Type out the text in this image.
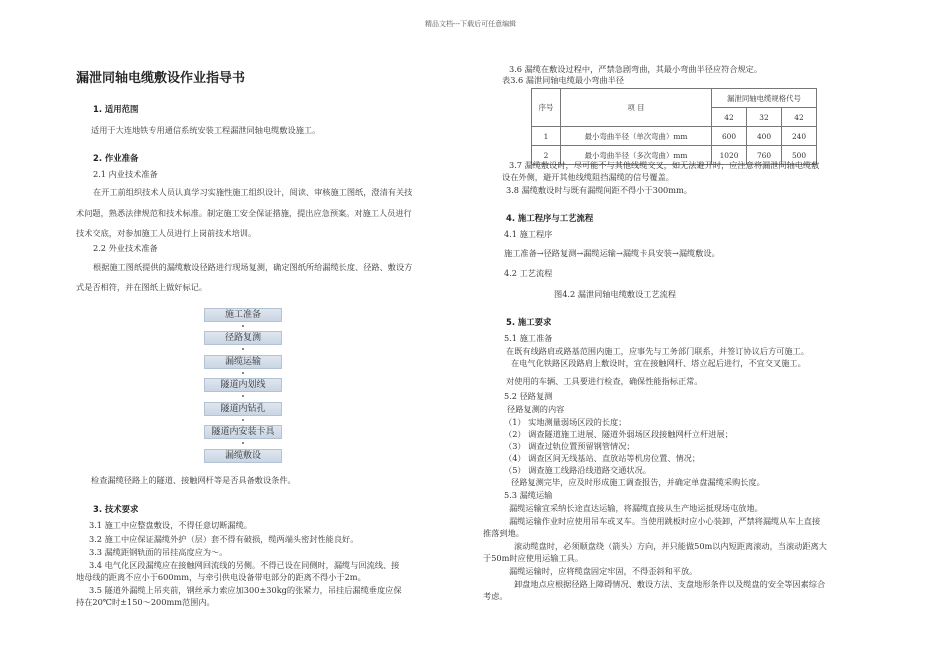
精品文档---下载后可任意编辑
漏泄同轴电缆敷设作业指导书
1. 适用范围
适用于大连地铁专用通信系统安装工程漏泄同轴电缆敷设施工。
2. 作业准备
2.1 内业技术准备
在开工前组织技术人员认真学习实施性施工组织设计，阅读、审核施工图纸，澄清有关技
术问题，熟悉法律规范和技术标准。制定施工安全保证措施，提出应急预案。对施工人员进行
技术交底，对参加施工人员进行上岗前技术培训。
2.2 外业技术准备
根据施工图纸提供的漏缆敷设径路进行现场复测，确定图纸所给漏缆长度、径路、敷设方
式是否相符，并在图纸上做好标记。
施工准备
径路复测
漏缆运输
隧道内划线
隧道内钻孔
隧道内安装卡具
漏缆敷设
检查漏缆径路上的隧道、接触网杆等是否具备敷设条件。
3. 技术要求
3.1 施工中应整盘敷设，不得任意切断漏缆。
3.2 施工中应保证漏缆外护（层）套不得有破损，缆两端头密封性能良好。
3.3 漏缆距钢轨面的吊挂高度应为～。
3.4 电气化区段漏缆应在接触网回流线的另侧。不得已设在同侧时，漏缆与回流线、接
地母线的距离不应小于600mm，与牵引供电设备带电部分的距离不得小于2m。
3.5 隧道外漏缆上吊夹前，钢丝承力索应加300±30kg的张紧力，吊挂后漏缆垂度应保
持在20℃时±150～200mm范围内。
3.6 漏缆在敷设过程中，严禁急剧弯曲，其最小弯曲半径应符合规定。
表3.6 漏泄同轴电缆最小弯曲半径
序号	项 目	漏泄同轴电缆规格代号		
		42	32	42
1	最小弯曲半径（单次弯曲）mm	600	400	240
2	最小弯曲半径（多次弯曲）mm	1020	760	500
3.7 漏缆敷设时，尽可能不与其他线缆交叉，如无法避开时，应注意将漏泄同轴电缆敷
设在外侧，避开其他线缆阻挡漏缆的信号覆盖。
3.8 漏缆敷设时与既有漏缆间距不得小于300mm。
4. 施工程序与工艺流程
4.1 施工程序
施工准备→径路复测→漏缆运输→漏缆卡具安装→漏缆敷设。
4.2 工艺流程
图4.2 漏泄同轴电缆敷设工艺流程
5. 施工要求
5.1 施工准备
在既有线路肩或路基范围内施工，应事先与工务部门联系，并签订协议后方可施工。
在电气化铁路区段路肩上敷设时，宜在接触网杆、塔立起后进行，不宜交叉施工。
对使用的车辆、工具要进行检查，确保性能指标正常。
5.2 径路复测
径路复测的内容
（1） 实地测量弱场区段的长度；
（2） 调查隧道施工进展、隧道外弱场区段接触网杆立杆进展；
（3） 调查过轨位置预留钢管情况；
（4） 调查区间无线基站、直放站等机房位置、情况；
（5） 调查施工线路沿线道路交通状况。
径路复测完毕，应及时形成施工调查报告，并确定单盘漏缆采购长度。
5.3 漏缆运输
漏缆运输宜采纳长途直达运输，将漏缆直接从生产地运抵现场屯放地。
漏缆运输作业时应使用吊车或叉车。当使用跳板时应小心装卸，严禁将漏缆从车上直接
推落到地。
滚动缆盘时，必须顺盘绕（箭头）方向，并只能做50m以内短距离滚动，当滚动距离大
于50m时应使用运输工具。
漏缆运输时，应将缆盘固定牢固，不得歪斜和平放。
卸盘地点应根据径路上障碍情况、敷设方法、支盘地形条件以及缆盘的安全等因素综合
考虑。
